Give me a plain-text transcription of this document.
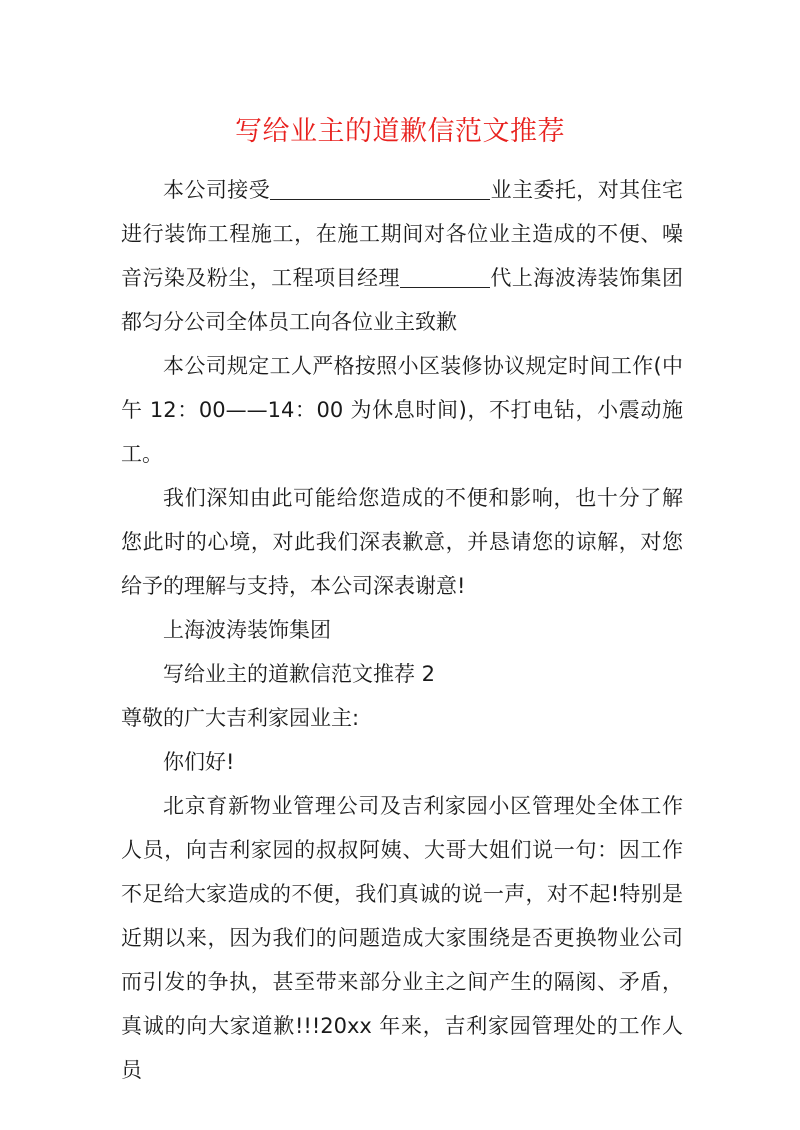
写给业主的道歉信范文推荐

本公司接受	业主委托，对其住宅进行装饰工程施工，在施工期间对各位业主造成的不便、噪音污染及粉尘，工程项目经理	代上海波涛装饰集团都匀分公司全体员工向各位业主致歉

本公司规定工人严格按照小区装修协议规定时间工作(中午 12：00——14：00 为休息时间)，不打电钻，小震动施工。

我们深知由此可能给您造成的不便和影响，也十分了解您此时的心境，对此我们深表歉意，并恳请您的谅解，对您给予的理解与支持，本公司深表谢意!

上海波涛装饰集团

写给业主的道歉信范文推荐 2

尊敬的广大吉利家园业主:

你们好!

北京育新物业管理公司及吉利家园小区管理处全体工作人员，向吉利家园的叔叔阿姨、大哥大姐们说一句：因工作不足给大家造成的不便，我们真诚的说一声，对不起!特别是近期以来，因为我们的问题造成大家围绕是否更换物业公司而引发的争执，甚至带来部分业主之间产生的隔阂、矛盾，真诚的向大家道歉!!!20xx 年来，吉利家园管理处的工作人员
